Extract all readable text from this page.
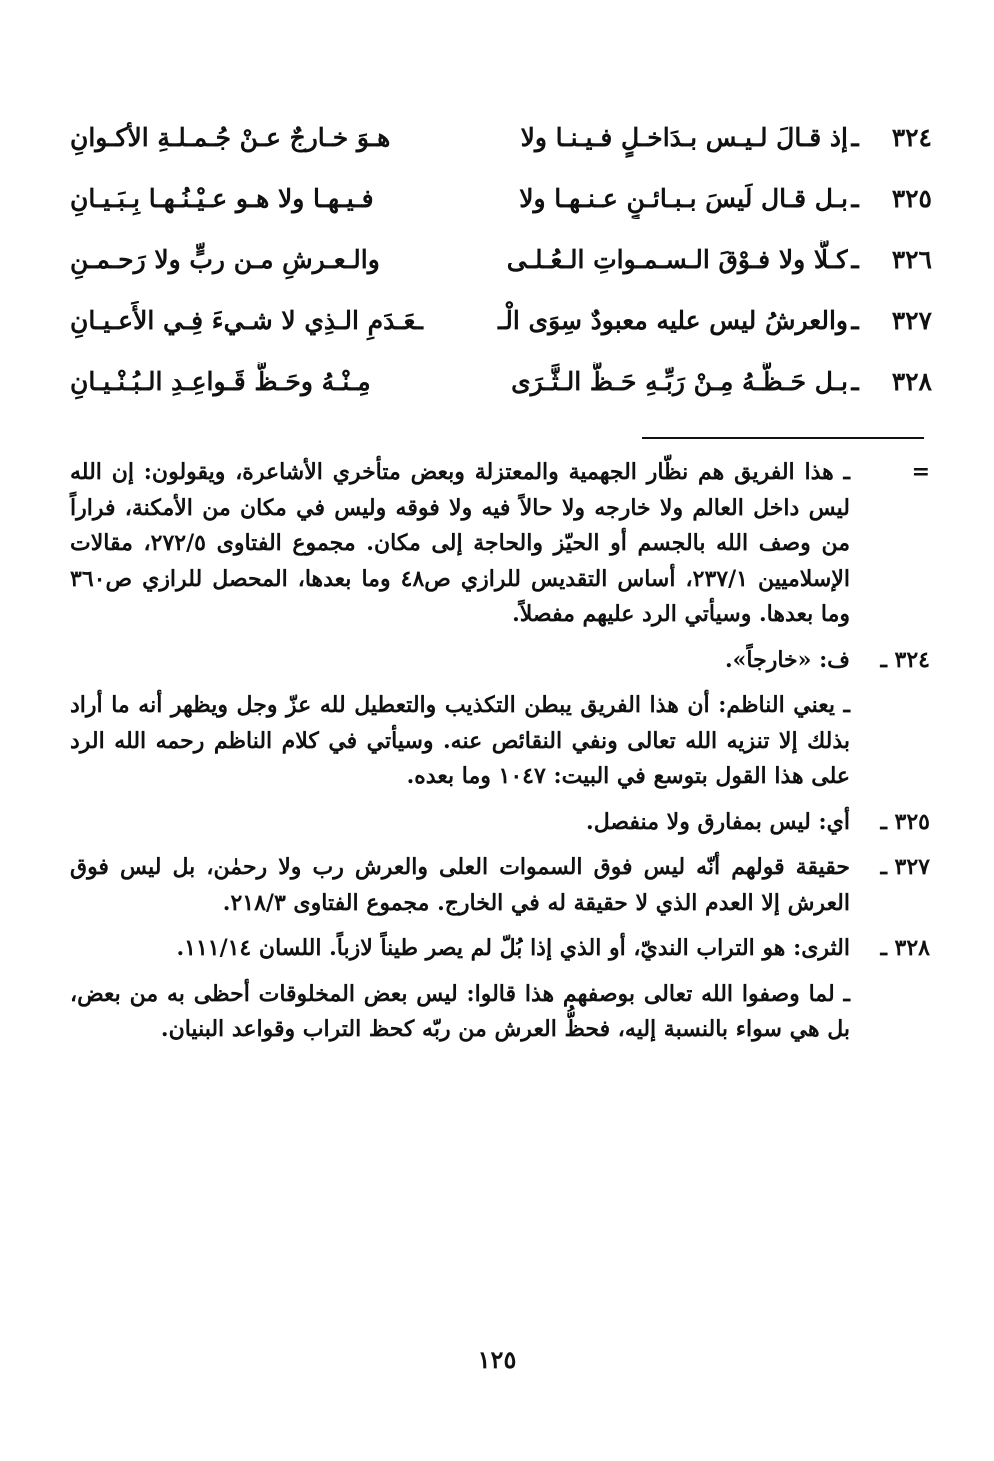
٣٢٤
ـ
إذ قـالَ لـيـس بـدَاخـلٍ فـيـنـا ولا
هـوَ خـارجٌ عـنْ جُـمـلـةِ الأكـوانِ
٣٢٥
ـ
بـل قـال لَيسَ بـبـائـنٍ عـنـهـا ولا
فـيـهـا ولا هـو عـيْـنُـهـا بِـبَـيـانِ
٣٢٦
ـ
كـلَّا ولا فـوْقَ الـسـمـواتِ الـعُـلـى
والـعـرشِ مـن ربٍّ ولا رَحـمـنِ
٣٢٧
ـ
والعرشُ ليس عليه معبودٌ سِوَى الْـ
ـعَـدَمِ الـذِي لا شـيءَ فِـي الأَعـيـانِ
٣٢٨
ـ
بـل حَـظُّـهُ مِـنْ رَبِّـهِ حَـظُّ الـثَّـرَى
مِـنْـهُ وحَـظُّ قَـواعِـدِ الـبُـنْـيـانِ
=
ـ هذا الفريق هم نظّار الجهمية والمعتزلة وبعض متأخري الأشاعرة، ويقولون: إن الله ليس داخل العالم ولا خارجه ولا حالاً فيه ولا فوقه وليس في مكان من الأمكنة، فراراً من وصف الله بالجسم أو الحيّز والحاجة إلى مكان. مجموع الفتاوى ٢٧٢/٥، مقالات الإسلاميين ٢٣٧/١، أساس التقديس للرازي ص٤٨ وما بعدها، المحصل للرازي ص٣٦٠ وما بعدها. وسيأتي الرد عليهم مفصلاً.
٣٢٤ ـ
ف: «خارجاً».
ـ يعني الناظم: أن هذا الفريق يبطن التكذيب والتعطيل لله عزّ وجل ويظهر أنه ما أراد بذلك إلا تنزيه الله تعالى ونفي النقائص عنه. وسيأتي في كلام الناظم رحمه الله الرد على هذا القول بتوسع في البيت: ١٠٤٧ وما بعده.
٣٢٥ ـ
أي: ليس بمفارق ولا منفصل.
٣٢٧ ـ
حقيقة قولهم أنّه ليس فوق السموات العلى والعرش رب ولا رحمٰن، بل ليس فوق العرش إلا العدم الذي لا حقيقة له في الخارج. مجموع الفتاوى ٢١٨/٣.
٣٢٨ ـ
الثرى: هو التراب النديّ، أو الذي إذا بُلّ لم يصر طيناً لازباً. اللسان ١١١/١٤.
ـ لما وصفوا الله تعالى بوصفهم هذا قالوا: ليس بعض المخلوقات أحظى به من بعض، بل هي سواء بالنسبة إليه، فحظُّ العرش من ربّه كحظ التراب وقواعد البنيان.
١٢٥
